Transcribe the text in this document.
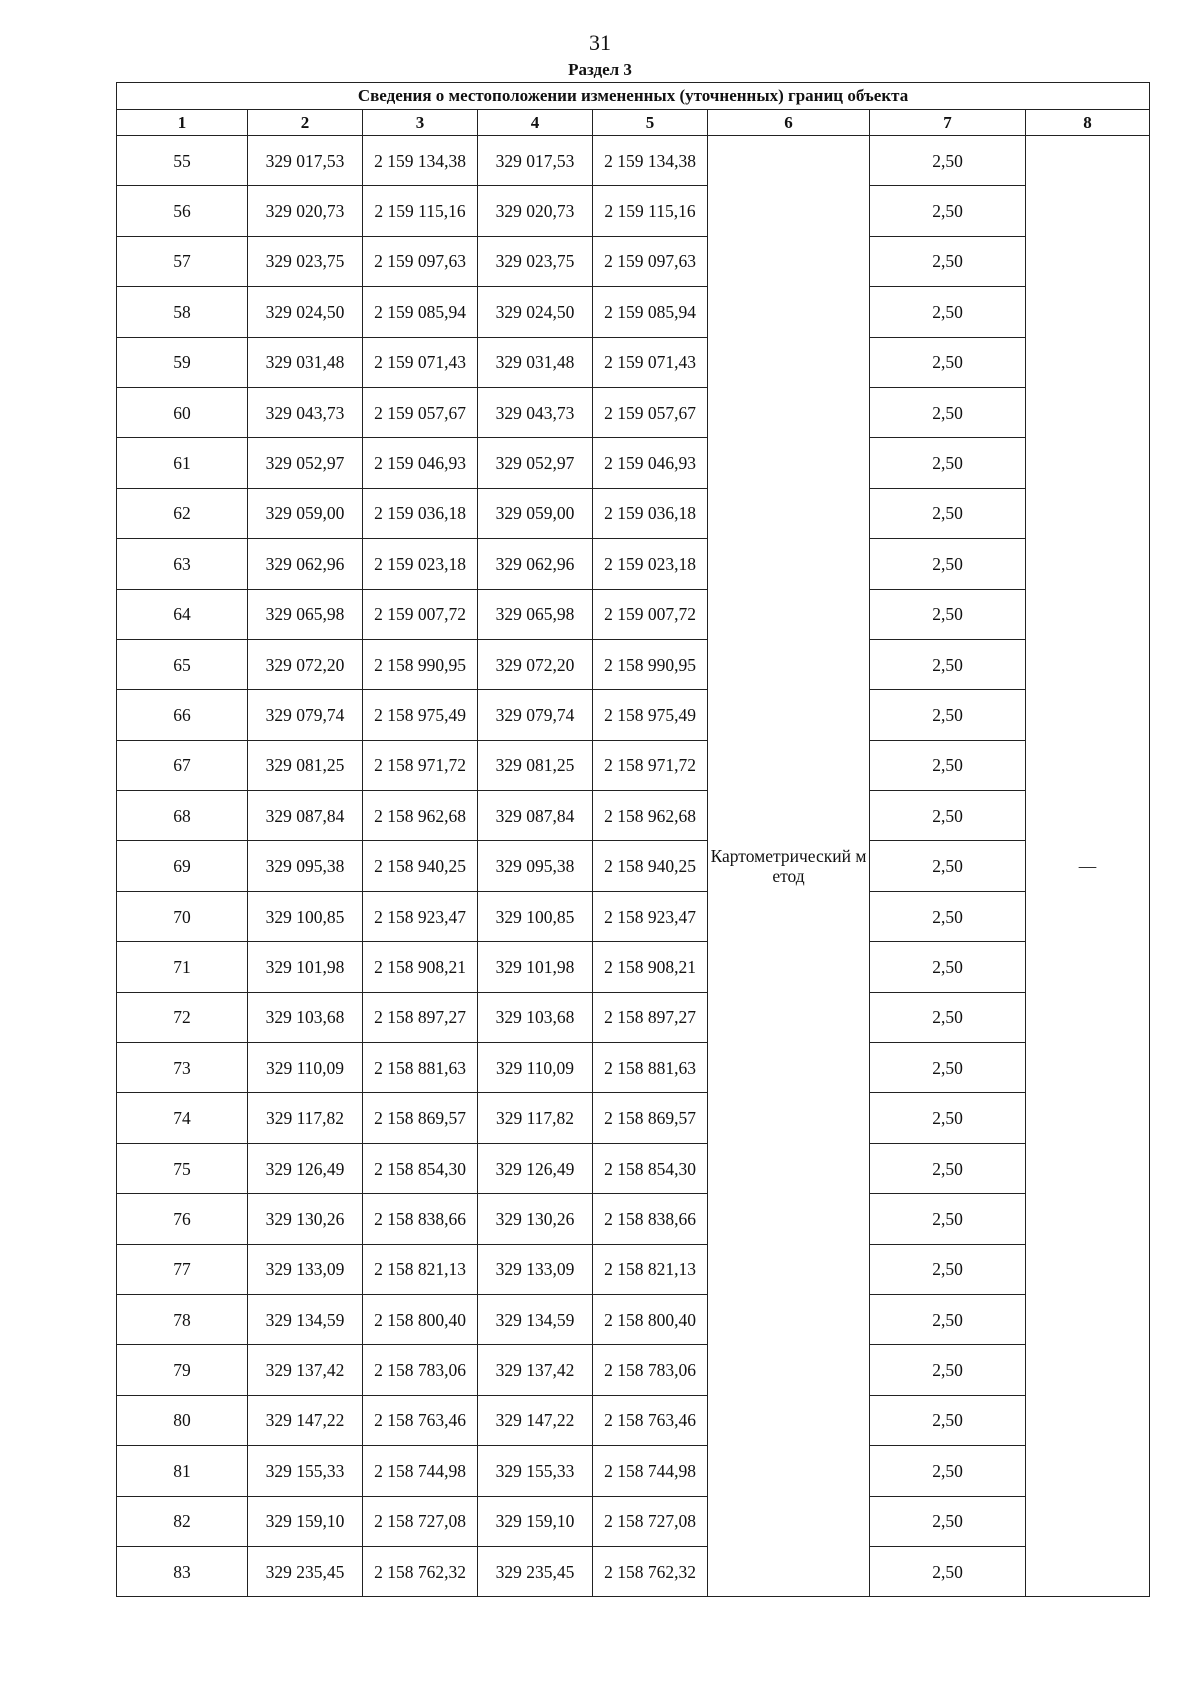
31
Раздел 3
Сведения о местоположении измененных (уточненных) границ объекта							
1	2	3	4	5	6	7	8
55	329 017,53	2 159 134,38	329 017,53	2 159 134,38	Картометрический метод	2,50	—
56	329 020,73	2 159 115,16	329 020,73	2 159 115,16		2,50	
57	329 023,75	2 159 097,63	329 023,75	2 159 097,63		2,50	
58	329 024,50	2 159 085,94	329 024,50	2 159 085,94		2,50	
59	329 031,48	2 159 071,43	329 031,48	2 159 071,43		2,50	
60	329 043,73	2 159 057,67	329 043,73	2 159 057,67		2,50	
61	329 052,97	2 159 046,93	329 052,97	2 159 046,93		2,50	
62	329 059,00	2 159 036,18	329 059,00	2 159 036,18		2,50	
63	329 062,96	2 159 023,18	329 062,96	2 159 023,18		2,50	
64	329 065,98	2 159 007,72	329 065,98	2 159 007,72		2,50	
65	329 072,20	2 158 990,95	329 072,20	2 158 990,95		2,50	
66	329 079,74	2 158 975,49	329 079,74	2 158 975,49		2,50	
67	329 081,25	2 158 971,72	329 081,25	2 158 971,72		2,50	
68	329 087,84	2 158 962,68	329 087,84	2 158 962,68		2,50	
69	329 095,38	2 158 940,25	329 095,38	2 158 940,25		2,50	
70	329 100,85	2 158 923,47	329 100,85	2 158 923,47		2,50	
71	329 101,98	2 158 908,21	329 101,98	2 158 908,21		2,50	
72	329 103,68	2 158 897,27	329 103,68	2 158 897,27		2,50	
73	329 110,09	2 158 881,63	329 110,09	2 158 881,63		2,50	
74	329 117,82	2 158 869,57	329 117,82	2 158 869,57		2,50	
75	329 126,49	2 158 854,30	329 126,49	2 158 854,30		2,50	
76	329 130,26	2 158 838,66	329 130,26	2 158 838,66		2,50	
77	329 133,09	2 158 821,13	329 133,09	2 158 821,13		2,50	
78	329 134,59	2 158 800,40	329 134,59	2 158 800,40		2,50	
79	329 137,42	2 158 783,06	329 137,42	2 158 783,06		2,50	
80	329 147,22	2 158 763,46	329 147,22	2 158 763,46		2,50	
81	329 155,33	2 158 744,98	329 155,33	2 158 744,98		2,50	
82	329 159,10	2 158 727,08	329 159,10	2 158 727,08		2,50	
83	329 235,45	2 158 762,32	329 235,45	2 158 762,32		2,50	
